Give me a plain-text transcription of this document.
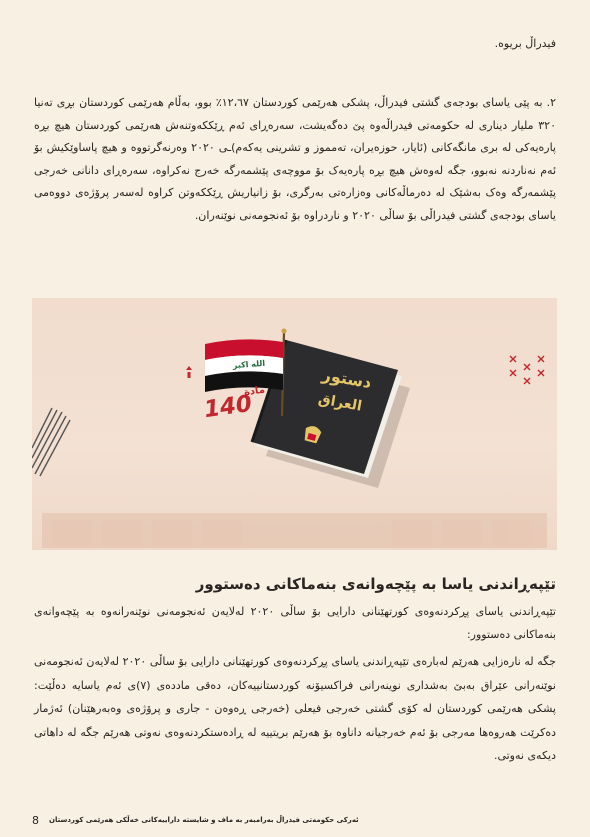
فیدراڵ بریوە.
٢. بە پێی یاسای بودجەی گشتی فیدراڵ، پشکی هەرێمی کوردستان ١٢،٦٧٪ بوو، بەڵام هەرێمی کوردستان بڕی تەنیا ٣٢٠ ملیار دیناری لە حکومەتی فیدراڵەوە پێ دەگەیشت، سەرەڕای ئەم ڕێککەوتنەش هەرێمی کوردستان هیچ بڕە پارەیەکی لە بری مانگەکانی (ئایار، حوزەیران، تەمموز و تشرینی یەکەم)ـی ٢٠٢٠ وەرنەگرتووە و هیچ پاساوێکیش بۆ ئەم نەناردنە نەبوو، جگە لەوەش هیچ بڕە پارەیەک بۆ مووچەی پێشمەرگە خەرج نەکراوە، سەرەڕای دانانی خەرجی پێشمەرگە وەک بەشێک لە دەرماڵەکانی وەزارەتی بەرگری، بۆ زانیاریش ڕێککەوتن کراوە لەسەر پرۆژەی دووەمی یاسای بودجەی گشتی فیدراڵی بۆ ساڵی ٢٠٢٠ و ناردراوە بۆ ئەنجومەنی نوێنەران.
الله اكبر
دستور
العراق
140
مادة
تێپەڕاندنی یاسا بە پێچەوانەی بنەماکانی دەستوور
تێپەڕاندنی یاسای پڕکردنەوەی کورتهێنانی دارایی بۆ ساڵی ٢٠٢٠ لەلایەن ئەنجومەنی نوێنەرانەوە بە پێچەوانەی بنەماکانی دەستوور:
جگە لە نارەزایی هەرێم لەبارەی تێپەڕاندنی یاسای پڕکردنەوەی کورتهێنانی دارایی بۆ ساڵی ٢٠٢٠ لەلایەن ئەنجومەنی نوێنەرانی عێراق بەبێ بەشداری نوینەرانی فراکسیۆنە کوردستانییەکان، دەقی ماددەی (٧)ی ئەم یاسایە دەڵێت: پشکی هەرێمی کوردستان لە کۆی گشتی خەرجی فیعلی (خەرجی ڕەوەن - جاری و پرۆژەی وەبەرهێنان) ئەژمار دەکرێت هەروەها مەرجی بۆ ئەم خەرجیانە داناوە بۆ هەرێم بریتییە لە ڕادەستکردنەوەی نەوتی هەرێم جگە لە داهاتی دیکەی نەوتی.
8 ئەرکی حکومەتی فیدراڵ بەرامبەر بە ماف و شایستە داراییەکانی خەڵکی هەرێمی کوردستان
